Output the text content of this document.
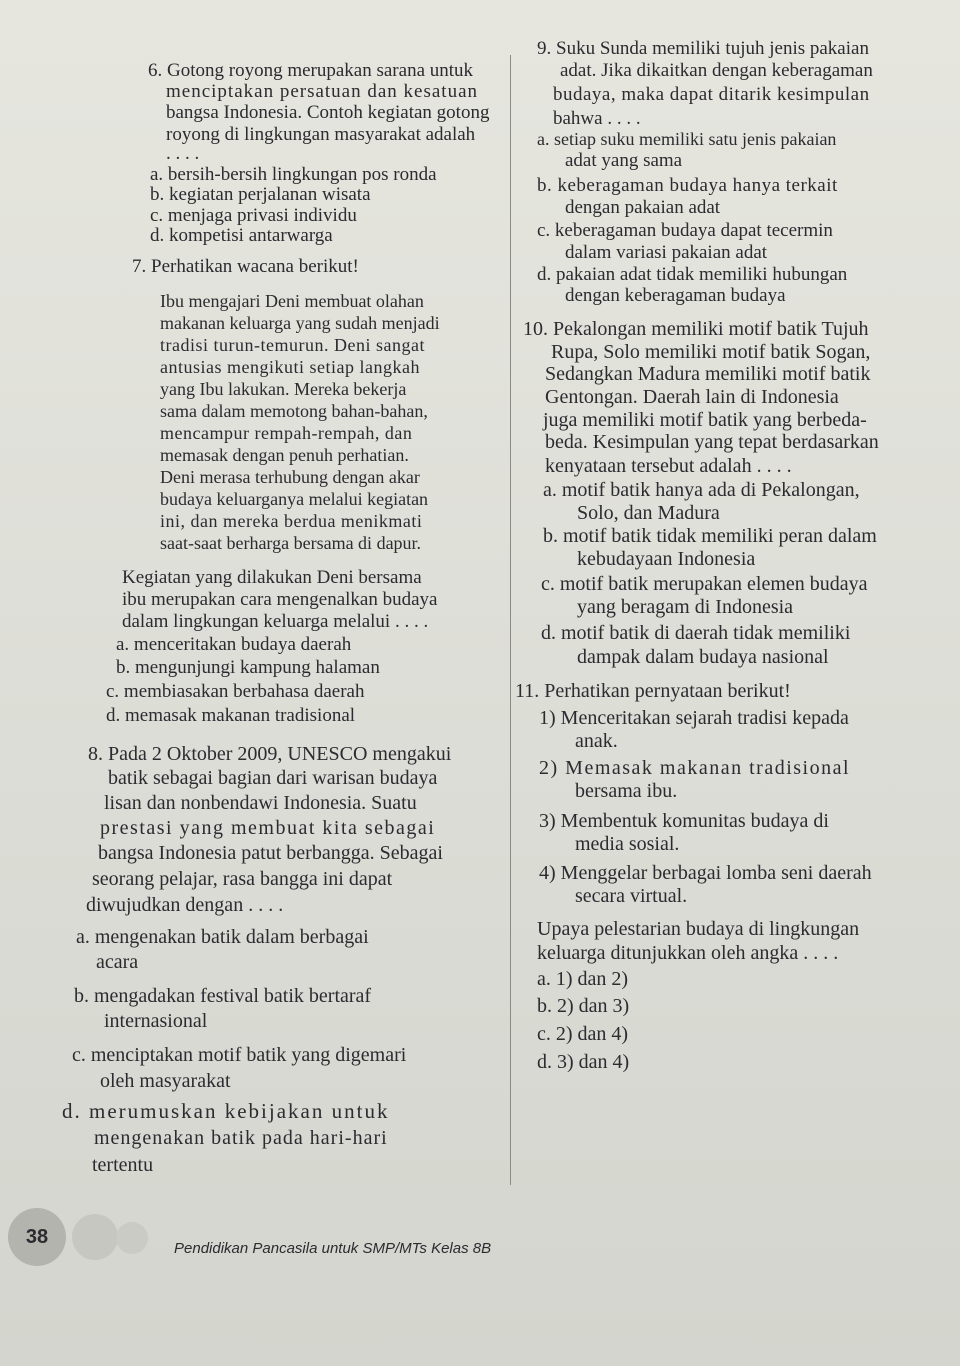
6. Gotong royong merupakan sarana untuk
menciptakan persatuan dan kesatuan
bangsa Indonesia. Contoh kegiatan gotong
royong di lingkungan masyarakat adalah
. . . .
a. bersih-bersih lingkungan pos ronda
b. kegiatan perjalanan wisata
c. menjaga privasi individu
d. kompetisi antarwarga
7. Perhatikan wacana berikut!
Ibu mengajari Deni membuat olahan
makanan keluarga yang sudah menjadi
tradisi turun-temurun. Deni sangat
antusias mengikuti setiap langkah
yang Ibu lakukan. Mereka bekerja
sama dalam memotong bahan-bahan,
mencampur rempah-rempah, dan
memasak dengan penuh perhatian.
Deni merasa terhubung dengan akar
budaya keluarganya melalui kegiatan
ini, dan mereka berdua menikmati
saat-saat berharga bersama di dapur.
Kegiatan yang dilakukan Deni bersama
ibu merupakan cara mengenalkan budaya
dalam lingkungan keluarga melalui . . . .
a. menceritakan budaya daerah
b. mengunjungi kampung halaman
c. membiasakan berbahasa daerah
d. memasak makanan tradisional
8. Pada 2 Oktober 2009, UNESCO mengakui
batik sebagai bagian dari warisan budaya
lisan dan nonbendawi Indonesia. Suatu
prestasi yang membuat kita sebagai
bangsa Indonesia patut berbangga. Sebagai
seorang pelajar, rasa bangga ini dapat
diwujudkan dengan . . . .
a. mengenakan batik dalam berbagai
acara
b. mengadakan festival batik bertaraf
internasional
c. menciptakan motif batik yang digemari
oleh masyarakat
d. merumuskan kebijakan untuk
mengenakan batik pada hari-hari
tertentu
9. Suku Sunda memiliki tujuh jenis pakaian
adat. Jika dikaitkan dengan keberagaman
budaya, maka dapat ditarik kesimpulan
bahwa . . . .
a. setiap suku memiliki satu jenis pakaian
adat yang sama
b. keberagaman budaya hanya terkait
dengan pakaian adat
c. keberagaman budaya dapat tecermin
dalam variasi pakaian adat
d. pakaian adat tidak memiliki hubungan
dengan keberagaman budaya
10. Pekalongan memiliki motif batik Tujuh
Rupa, Solo memiliki motif batik Sogan,
Sedangkan Madura memiliki motif batik
Gentongan. Daerah lain di Indonesia
juga memiliki motif batik yang berbeda-
beda. Kesimpulan yang tepat berdasarkan
kenyataan tersebut adalah . . . .
a. motif batik hanya ada di Pekalongan,
Solo, dan Madura
b. motif batik tidak memiliki peran dalam
kebudayaan Indonesia
c. motif batik merupakan elemen budaya
yang beragam di Indonesia
d. motif batik di daerah tidak memiliki
dampak dalam budaya nasional
11. Perhatikan pernyataan berikut!
1) Menceritakan sejarah tradisi kepada
anak.
2) Memasak makanan tradisional
bersama ibu.
3) Membentuk komunitas budaya di
media sosial.
4) Menggelar berbagai lomba seni daerah
secara virtual.
Upaya pelestarian budaya di lingkungan
keluarga ditunjukkan oleh angka . . . .
a. 1) dan 2)
b. 2) dan 3)
c. 2) dan 4)
d. 3) dan 4)
38
Pendidikan Pancasila untuk SMP/MTs Kelas 8B
